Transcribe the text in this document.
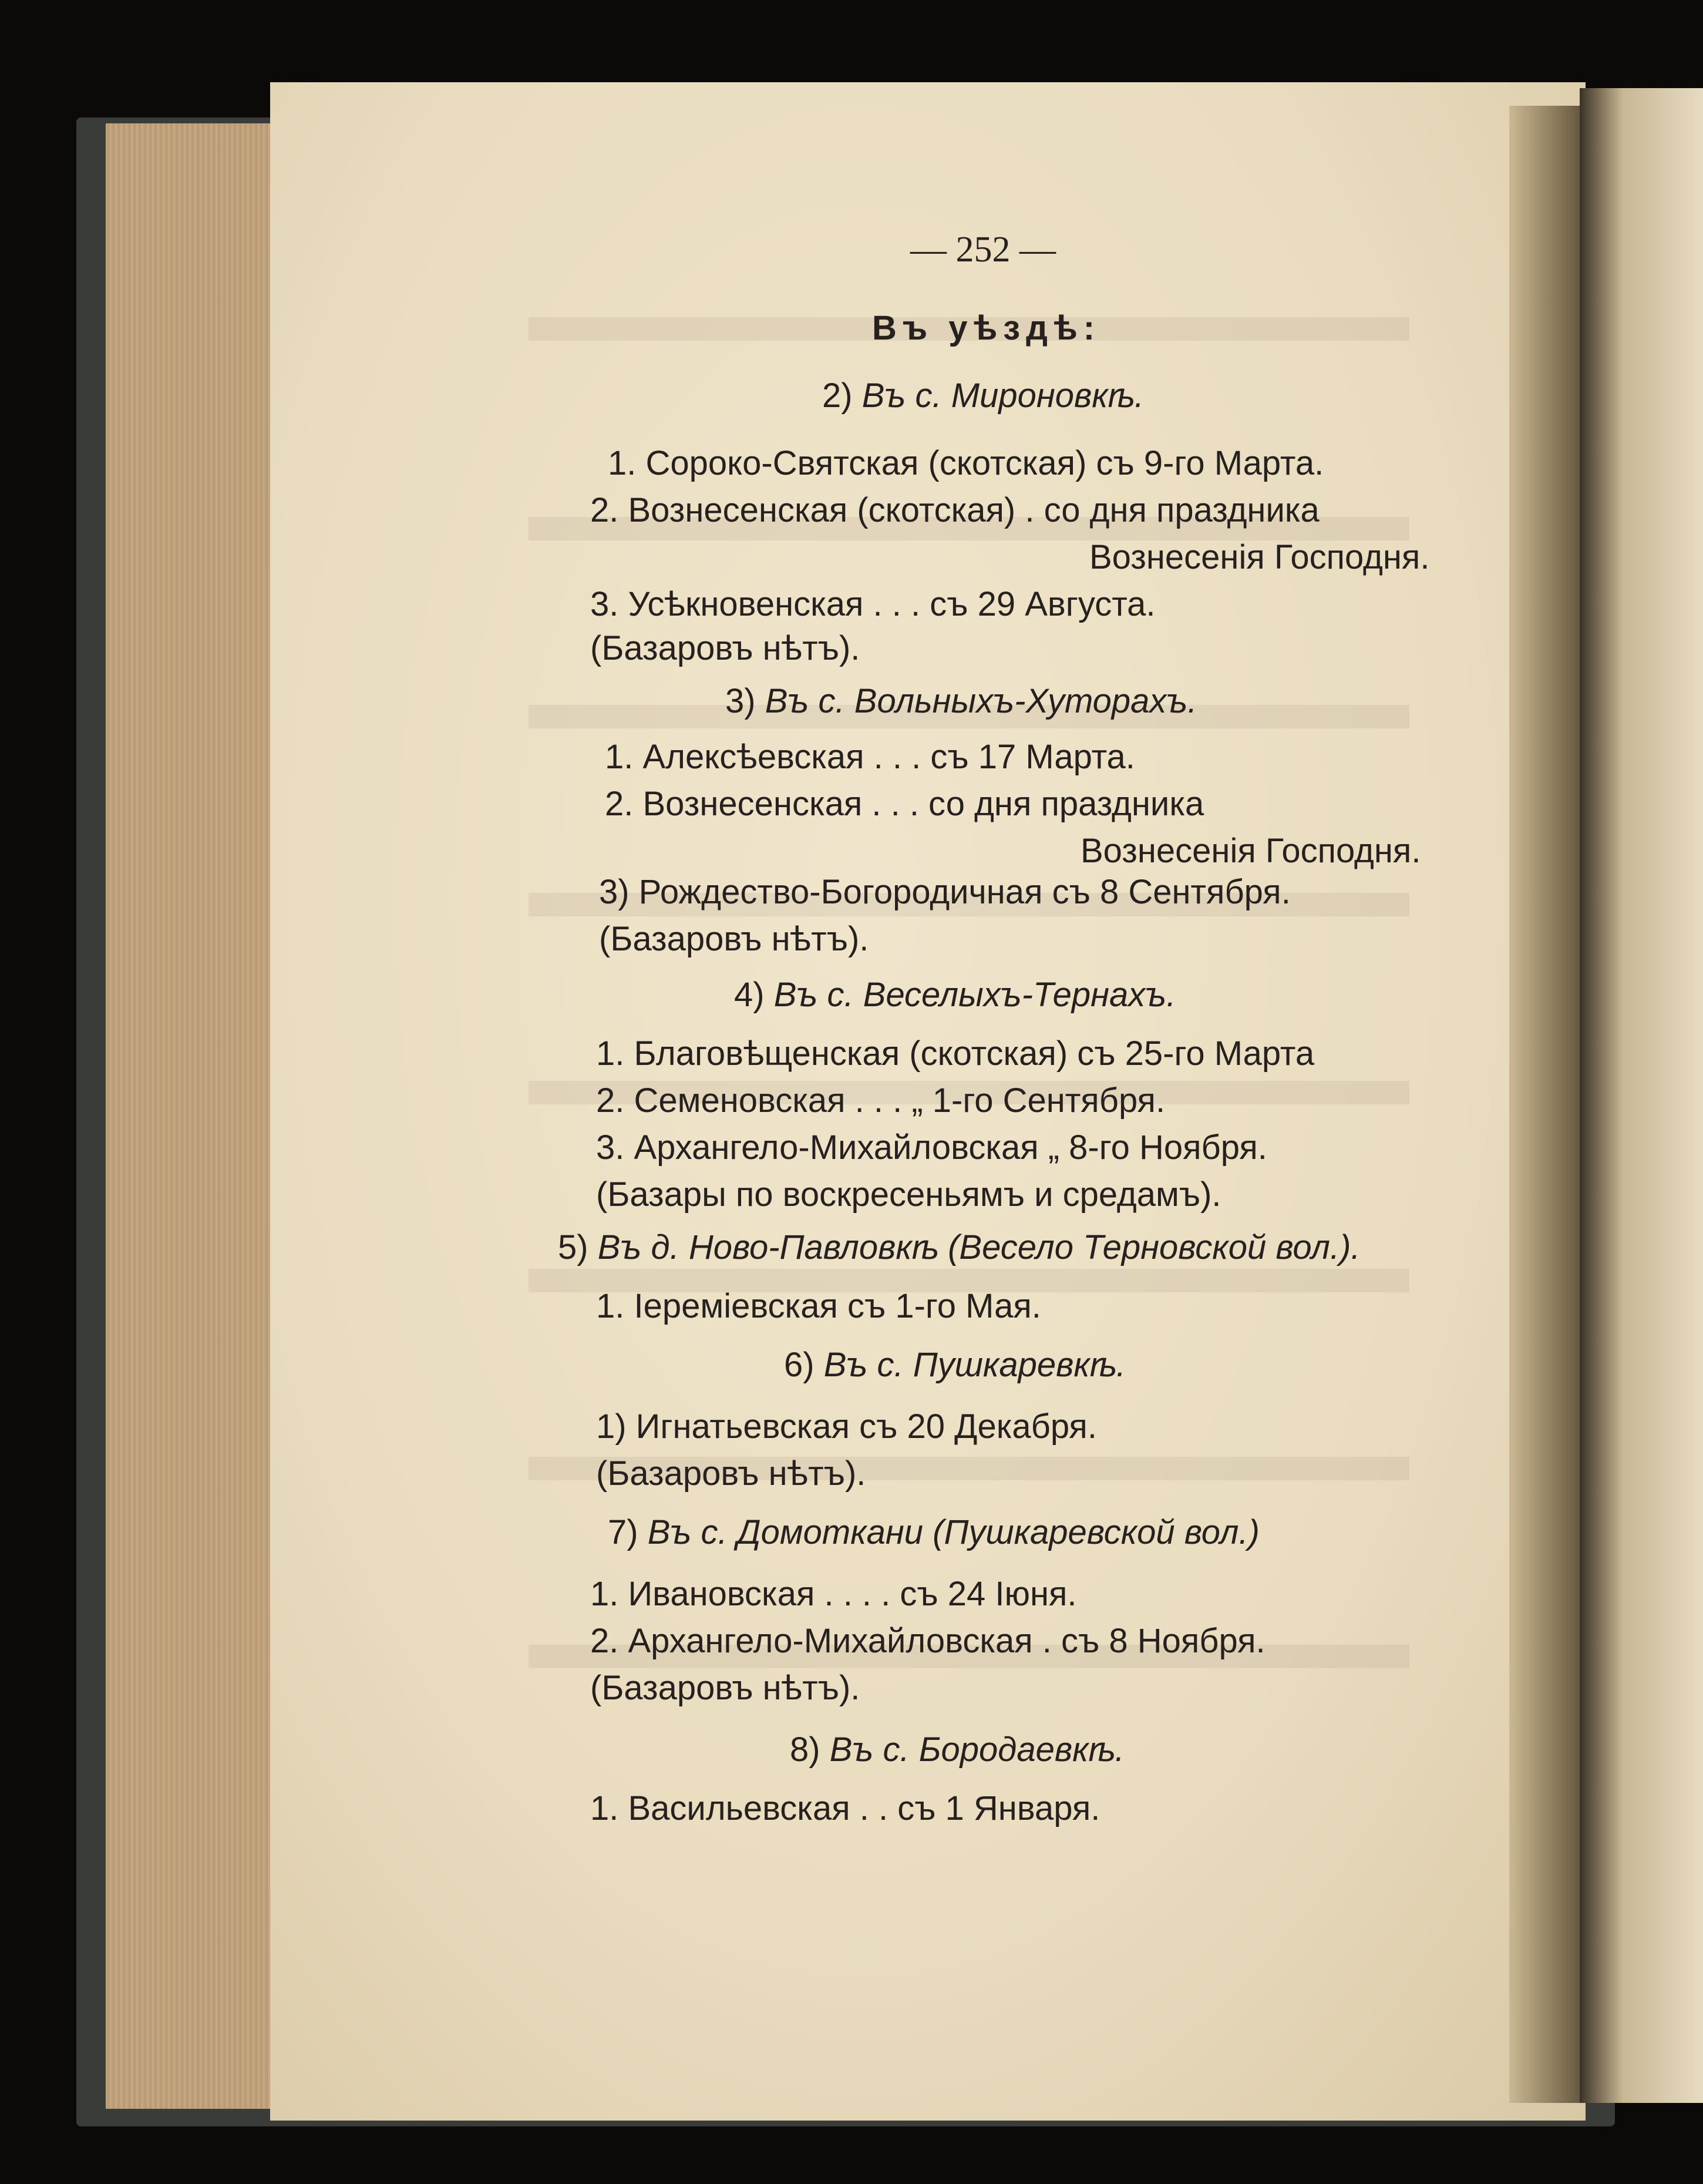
— 252 —
Въ уѣздѣ:
2) Въ с. Мироновкѣ.
1. Сороко-Святская (скотская) съ 9-го Марта.
2. Вознесенская (скотская) . со дня праздника
Вознесенія Господня.
3. Усѣкновенская . . . съ 29 Августа.
(Базаровъ нѣтъ).
3) Въ с. Вольныхъ-Хуторахъ.
1. Алексѣевская . . . съ 17 Марта.
2. Вознесенская . . . со дня праздника
Вознесенія Господня.
3) Рождество-Богородичная съ 8 Сентября.
(Базаровъ нѣтъ).
4) Въ с. Веселыхъ-Тернахъ.
1. Благовѣщенская (скотская) съ 25-го Марта
2. Семеновская . . . „ 1-го Сентября.
3. Архангело-Михайловская „ 8-го Ноября.
(Базары по воскресеньямъ и средамъ).
5) Въ д. Ново-Павловкѣ (Весело Терновской вол.).
1. Іеремiевская съ 1-го Мая.
6) Въ с. Пушкаревкѣ.
1) Игнатьевская съ 20 Декабря.
(Базаровъ нѣтъ).
7) Въ с. Домоткани (Пушкаревской вол.)
1. Ивановская . . . . съ 24 Іюня.
2. Архангело-Михайловская . съ 8 Ноября.
(Базаровъ нѣтъ).
8) Въ с. Бородаевкѣ.
1. Васильевская . . съ 1 Января.
